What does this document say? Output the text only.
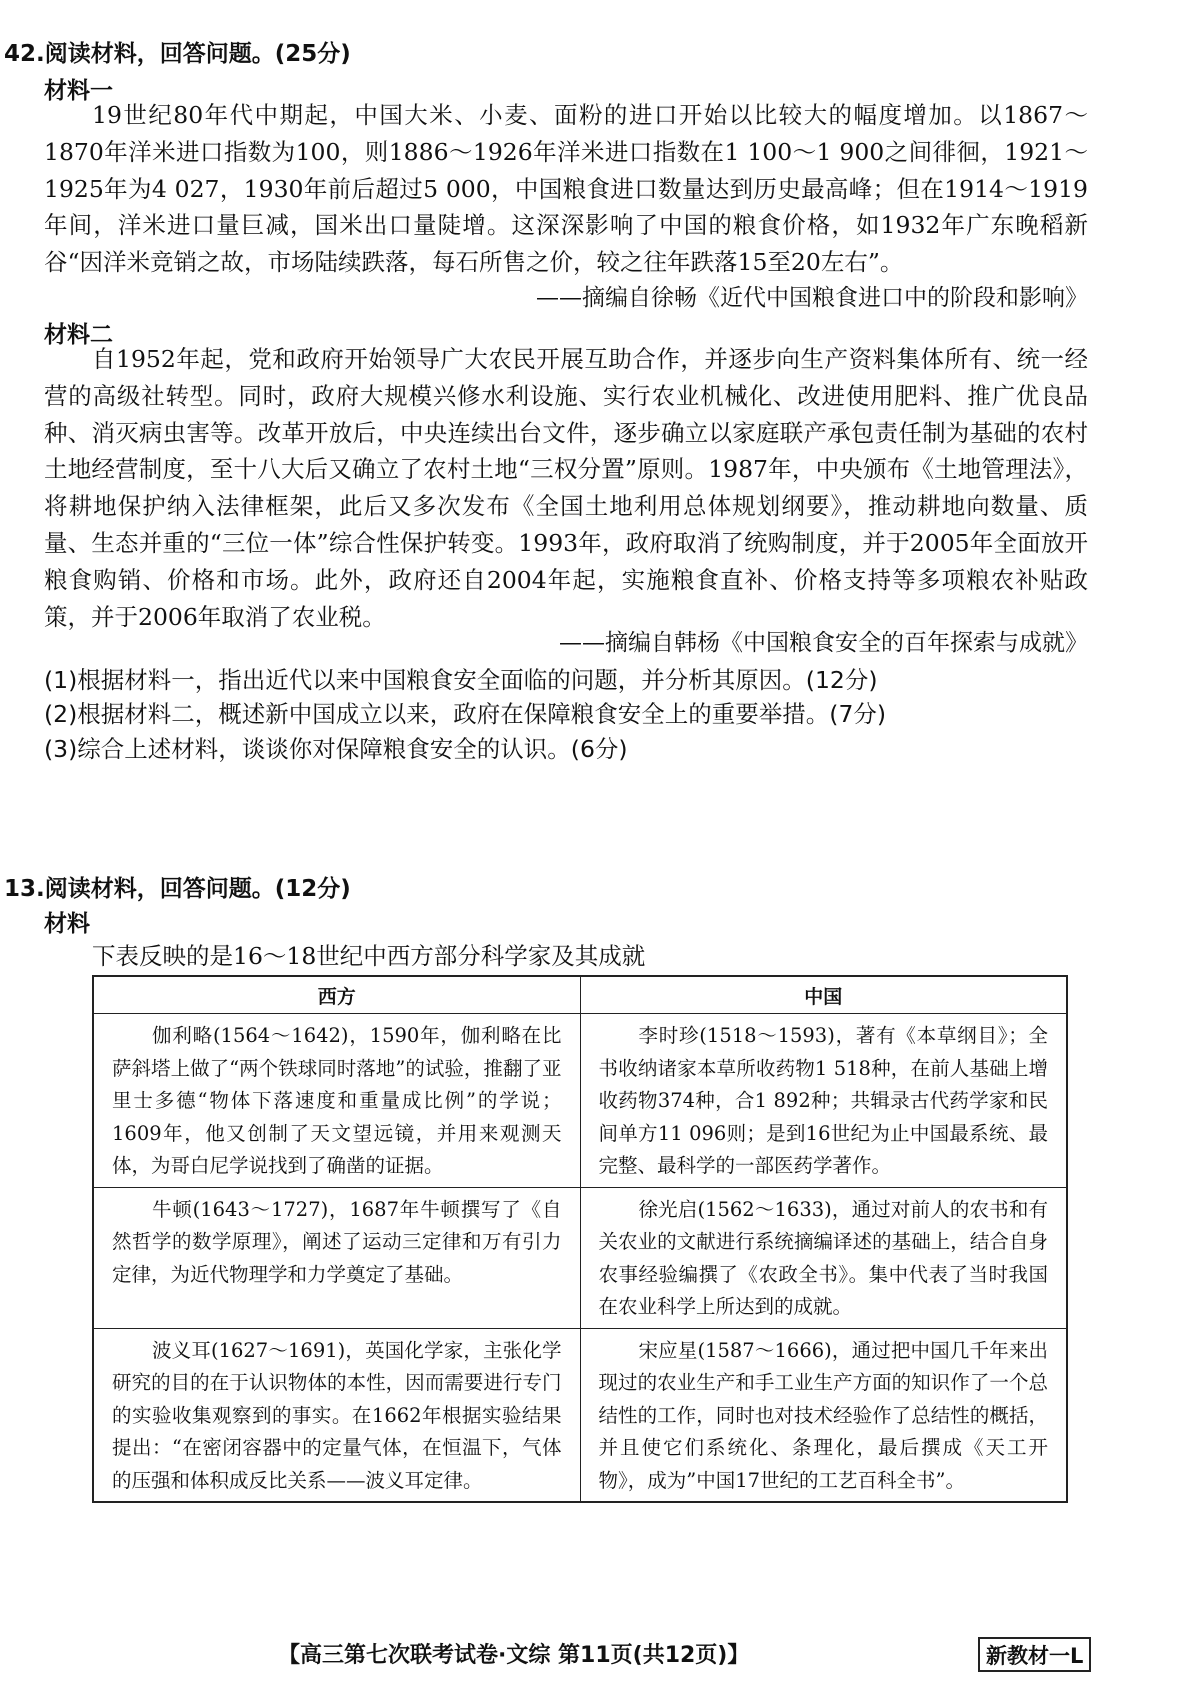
42.阅读材料，回答问题。(25分)
材料一

19世纪80年代中期起，中国大米、小麦、面粉的进口开始以比较大的幅度增加。以1867～1870年洋米进口指数为100，则1886～1926年洋米进口指数在1 100～1 900之间徘徊，1921～1925年为4 027，1930年前后超过5 000，中国粮食进口数量达到历史最高峰；但在1914～1919年间，洋米进口量巨减，国米出口量陡增。这深深影响了中国的粮食价格，如1932年广东晚稻新谷“因洋米竞销之故，市场陆续跌落，每石所售之价，较之往年跌落15至20左右”。

——摘编自徐畅《近代中国粮食进口中的阶段和影响》
材料二

自1952年起，党和政府开始领导广大农民开展互助合作，并逐步向生产资料集体所有、统一经营的高级社转型。同时，政府大规模兴修水利设施、实行农业机械化、改进使用肥料、推广优良品种、消灭病虫害等。改革开放后，中央连续出台文件，逐步确立以家庭联产承包责任制为基础的农村土地经营制度，至十八大后又确立了农村土地“三权分置”原则。1987年，中央颁布《土地管理法》，将耕地保护纳入法律框架，此后又多次发布《全国土地利用总体规划纲要》，推动耕地向数量、质量、生态并重的“三位一体”综合性保护转变。1993年，政府取消了统购制度，并于2005年全面放开粮食购销、价格和市场。此外，政府还自2004年起，实施粮食直补、价格支持等多项粮农补贴政策，并于2006年取消了农业税。

——摘编自韩杨《中国粮食安全的百年探索与成就》
(1)根据材料一，指出近代以来中国粮食安全面临的问题，并分析其原因。(12分)
(2)根据材料二，概述新中国成立以来，政府在保障粮食安全上的重要举措。(7分)
(3)综合上述材料，谈谈你对保障粮食安全的认识。(6分)
13.阅读材料，回答问题。(12分)
材料
下表反映的是16～18世纪中西方部分科学家及其成就
西方	中国
伽利略(1564～1642)，1590年，伽利略在比萨斜塔上做了“两个铁球同时落地”的试验，推翻了亚里士多德“物体下落速度和重量成比例”的学说；1609年，他又创制了天文望远镜，并用来观测天体，为哥白尼学说找到了确凿的证据。	李时珍(1518～1593)，著有《本草纲目》；全书收纳诸家本草所收药物1 518种，在前人基础上增收药物374种，合1 892种；共辑录古代药学家和民间单方11 096则；是到16世纪为止中国最系统、最完整、最科学的一部医药学著作。
牛顿(1643～1727)，1687年牛顿撰写了《自然哲学的数学原理》，阐述了运动三定律和万有引力定律，为近代物理学和力学奠定了基础。	徐光启(1562～1633)，通过对前人的农书和有关农业的文献进行系统摘编译述的基础上，结合自身农事经验编撰了《农政全书》。集中代表了当时我国在农业科学上所达到的成就。
波义耳(1627～1691)，英国化学家，主张化学研究的目的在于认识物体的本性，因而需要进行专门的实验收集观察到的事实。在1662年根据实验结果提出：“在密闭容器中的定量气体，在恒温下，气体的压强和体积成反比关系——波义耳定律。	宋应星(1587～1666)，通过把中国几千年来出现过的农业生产和手工业生产方面的知识作了一个总结性的工作，同时也对技术经验作了总结性的概括，并且使它们系统化、条理化，最后撰成《天工开物》，成为”中国17世纪的工艺百科全书”。
【高三第七次联考试卷·文综 第11页(共12页)】	新教材一L
